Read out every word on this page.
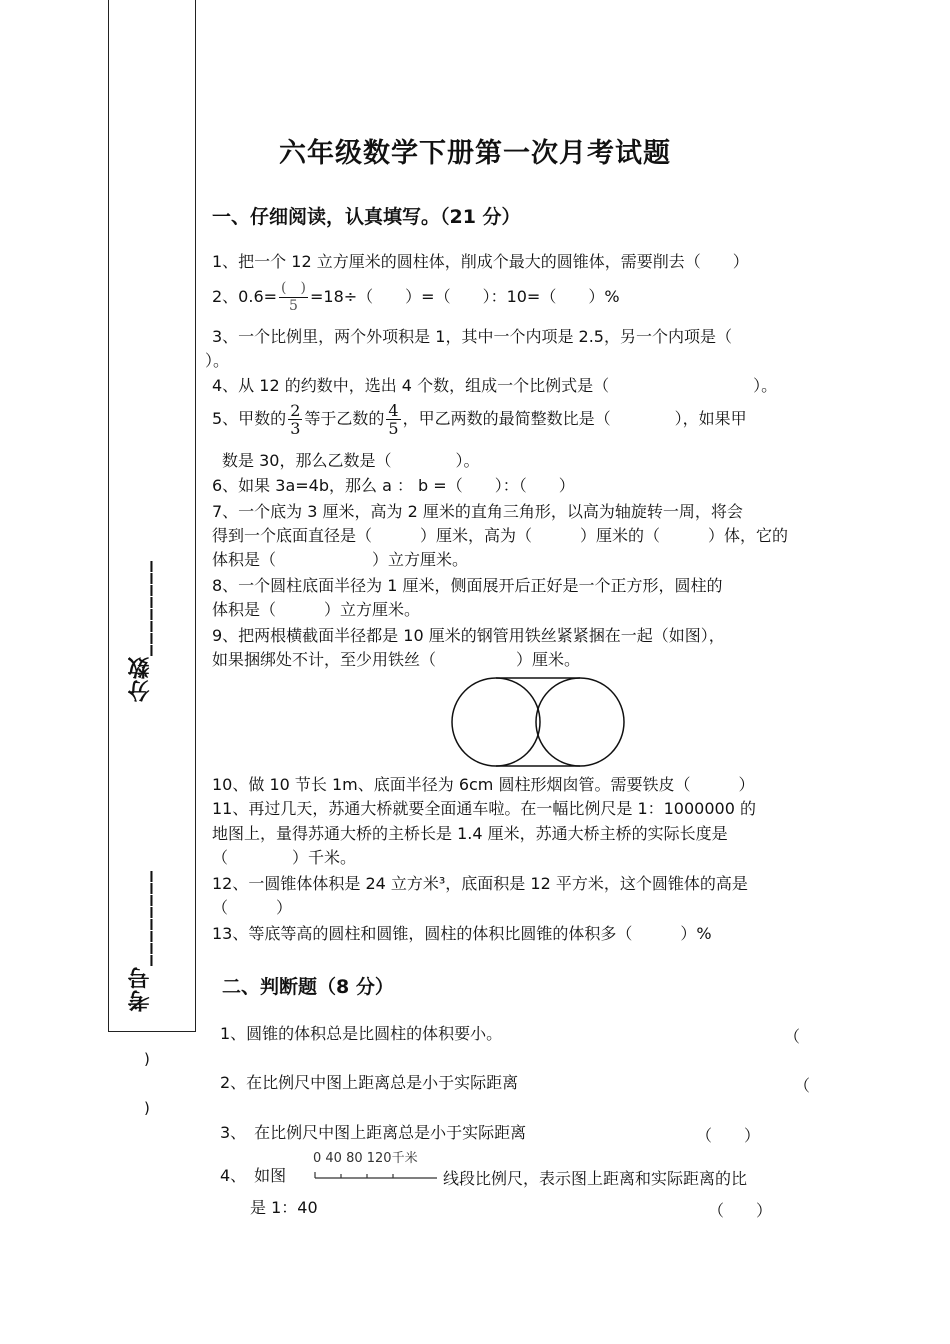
分数________
考号________
)
)
六年级数学下册第一次月考试题
一、仔细阅读，认真填写。（21 分）
1、把一个 12 立方厘米的圆柱体，削成个最大的圆锥体，需要削去（　　）
2、$0.6= \frac{( )}{5} =18\div$（　　）=（　　）：10=（　　）%
3、一个比例里，两个外项积是 1，其中一个内项是 2.5，另一个内项是（
）。
4、从 12 的约数中，选出 4 个数，组成一个比例式是（　　　　　　　　　）。
5、甲数的 $\frac{2}{3}$ 等于乙数的 $\frac{4}{5}$ ，甲乙两数的最简整数比是（　　　　），如果甲
数是 30，那么乙数是（　　　　）。
6、如果 3a=4b，那么 a ： b =（　　）：（　　）
7、一个底为 3 厘米，高为 2 厘米的直角三角形，以高为轴旋转一周，将会
得到一个底面直径是（　　　）厘米，高为（　　　）厘米的（　　　）体，它的
体积是（　　　　　　）立方厘米。
8、一个圆柱底面半径为 1 厘米，侧面展开后正好是一个正方形，圆柱的
体积是（　　　）立方厘米。
9、把两根横截面半径都是 10 厘米的钢管用铁丝紧紧捆在一起（如图），
如果捆绑处不计，至少用铁丝（　　　　　）厘米。
10、做 10 节长 1m、底面半径为 6cm 圆柱形烟囱管。需要铁皮（　　　）
11、再过几天，苏通大桥就要全面通车啦。在一幅比例尺是 1：1000000 的
地图上，量得苏通大桥的主桥长是 1.4 厘米，苏通大桥主桥的实际长度是
（　　　　）千米。
12、一圆锥体体积是 24 立方米³，底面积是 12 平方米，这个圆锥体的高是
（　　　）
13、等底等高的圆柱和圆锥，圆柱的体积比圆锥的体积多（　　　）%
二、判断题（8 分）
1、圆锥的体积总是比圆柱的体积要小。	（
2、在比例尺中图上距离总是小于实际距离	（
3、　在比例尺中图上距离总是小于实际距离	（　　）
4、　如图
0 40 80 120千米
线段比例尺，表示图上距离和实际距离的比
是 1：40	（　　）
